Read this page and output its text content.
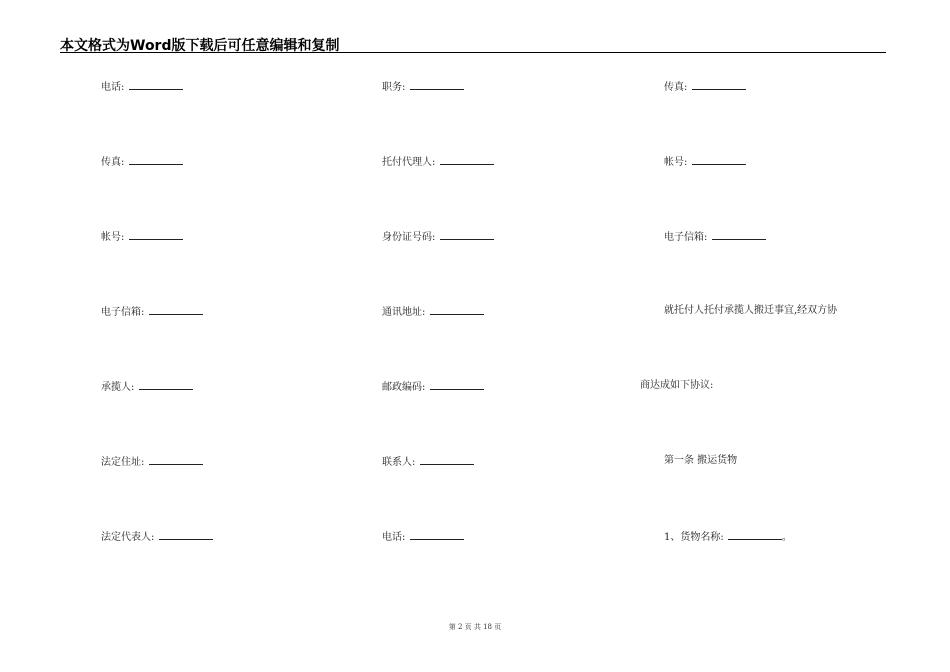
本文格式为Word版下载后可任意编辑和复制
电话:	职务:	传真:
传真:	托付代理人:	帐号:
帐号:	身份证号码:	电子信箱:
电子信箱:	通讯地址:	就托付人托付承揽人搬迁事宜,经双方协
承揽人:	邮政编码:	商达成如下协议:
法定住址:	联系人:	第一条 搬运货物
法定代表人:	电话:	1、货物名称:	。
第 2 页 共 18 页
